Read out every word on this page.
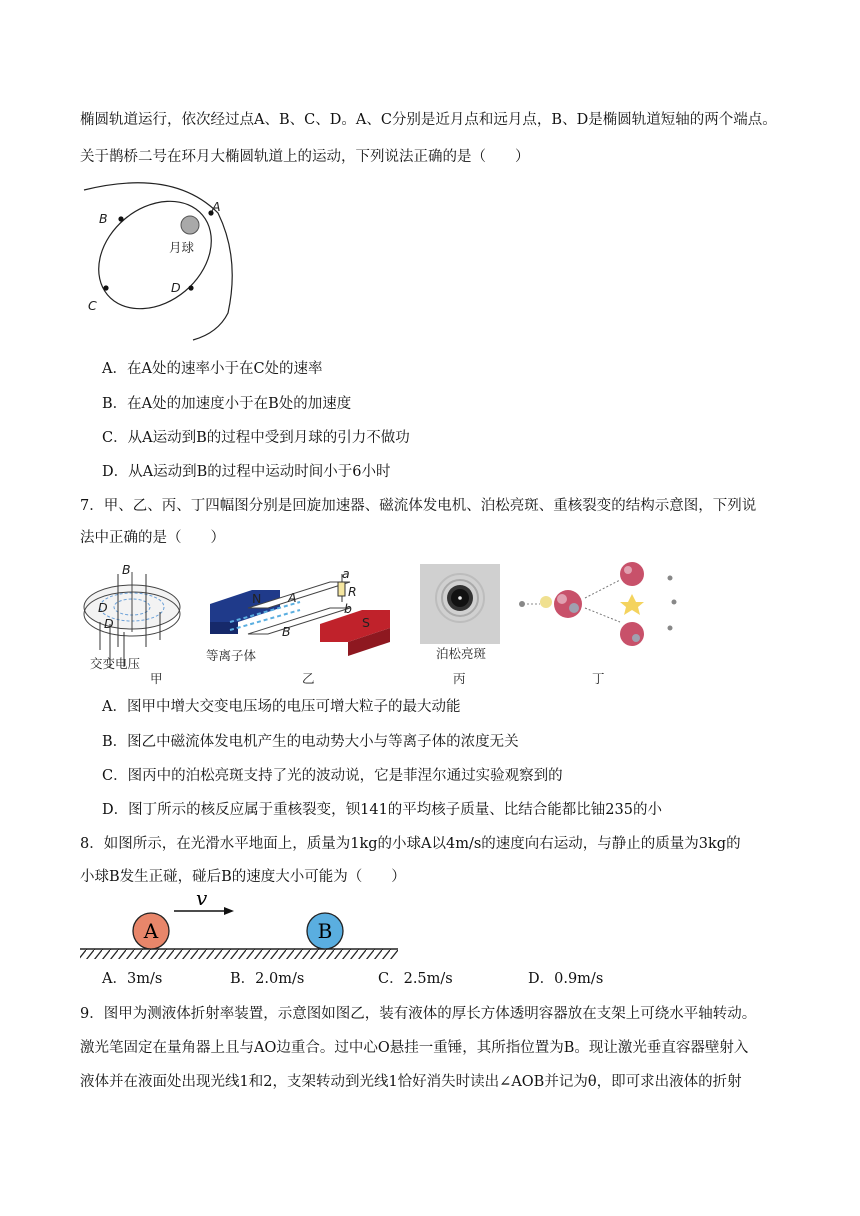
椭圆轨道运行，依次经过点A、B、C、D。A、C分别是近月点和远月点，B、D是椭圆轨道短轴的两个端点。
关于鹊桥二号在环月大椭圆轨道上的运动，下列说法正确的是（　　）
A
B
C
D
月球
A．在A处的速率小于在C处的速率
B．在A处的加速度小于在B处的加速度
C．从A运动到B的过程中受到月球的引力不做功
D．从A运动到B的过程中运动时间小于6小时
7．甲、乙、丙、丁四幅图分别是回旋加速器、磁流体发电机、泊松亮斑、重核裂变的结构示意图，下列说
法中正确的是（　　）
B
D
D
交变电压
甲
N
S
A
B
a
b
R
等离子体
乙
泊松亮斑
丙	丁
A．图甲中增大交变电压场的电压可增大粒子的最大动能
B．图乙中磁流体发电机产生的电动势大小与等离子体的浓度无关
C．图丙中的泊松亮斑支持了光的波动说，它是菲涅尔通过实验观察到的
D．图丁所示的核反应属于重核裂变，钡141的平均核子质量、比结合能都比铀235的小
8．如图所示，在光滑水平地面上，质量为1kg的小球A以4m/s的速度向右运动，与静止的质量为3kg的
小球B发生正碰，碰后B的速度大小可能为（　　）
A	B
v
A．3m/s	B．2.0m/s	C．2.5m/s	D．0.9m/s
9．图甲为测液体折射率装置，示意图如图乙，装有液体的厚长方体透明容器放在支架上可绕水平轴转动。
激光笔固定在量角器上且与AO边重合。过中心O悬挂一重锤，其所指位置为B。现让激光垂直容器壁射入
液体并在液面处出现光线1和2，支架转动到光线1恰好消失时读出∠AOB并记为θ，即可求出液体的折射
